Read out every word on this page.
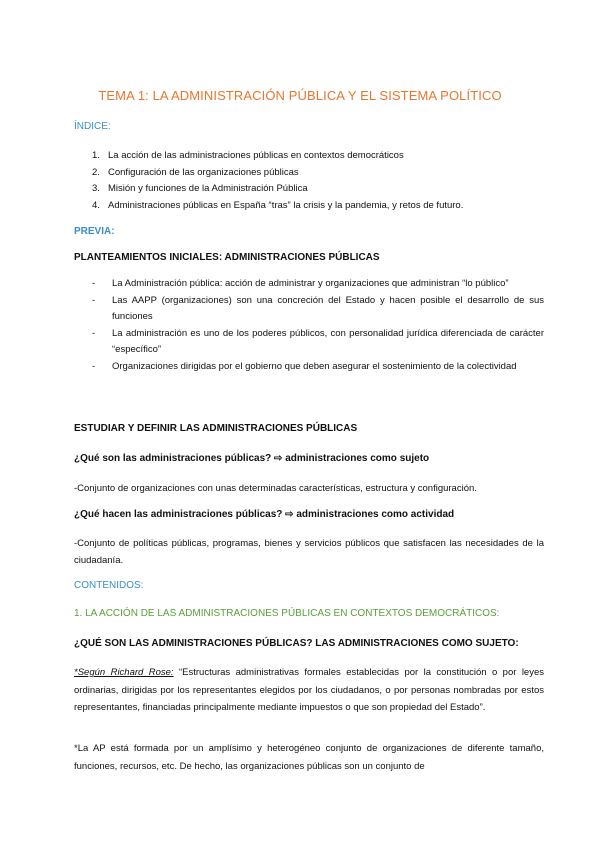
TEMA 1: LA ADMINISTRACIÓN PÚBLICA Y EL SISTEMA POLÍTICO
ÍNDICE:
1. La acción de las administraciones públicas en contextos democráticos
2. Configuración de las organizaciones públicas
3. Misión y funciones de la Administración Pública
4. Administraciones públicas en España “tras” la crisis y la pandemia, y retos de futuro.
PREVIA:
PLANTEAMIENTOS INICIALES: ADMINISTRACIONES PÚBLICAS
- La Administración pública: acción de administrar y organizaciones que administran “lo público”
- Las AAPP (organizaciones) son una concreción del Estado y hacen posible el desarrollo de sus funciones
- La administración es uno de los poderes públicos, con personalidad jurídica diferenciada de carácter “específico”
- Organizaciones dirigidas por el gobierno que deben asegurar el sostenimiento de la colectividad
ESTUDIAR Y DEFINIR LAS ADMINISTRACIONES PÚBLICAS
¿Qué son las administraciones públicas? ⇨ administraciones como sujeto
-Conjunto de organizaciones con unas determinadas características, estructura y configuración.
¿Qué hacen las administraciones públicas? ⇨ administraciones como actividad
-Conjunto de políticas públicas, programas, bienes y servicios públicos que satisfacen las necesidades de la ciudadanía.
CONTENIDOS:
1. LA ACCIÓN DE LAS ADMINISTRACIONES PÚBLICAS EN CONTEXTOS DEMOCRÁTICOS:
¿QUÉ SON LAS ADMINISTRACIONES PÚBLICAS? LAS ADMINISTRACIONES COMO SUJETO:
*Según Richard Rose: “Estructuras administrativas formales establecidas por la constitución o por leyes ordinarias, dirigidas por los representantes elegidos por los ciudadanos, o por personas nombradas por estos representantes, financiadas principalmente mediante impuestos o que son propiedad del Estado”.
*La AP está formada por un amplísimo y heterogéneo conjunto de organizaciones de diferente tamaño, funciones, recursos, etc. De hecho, las organizaciones públicas son un conjunto de
